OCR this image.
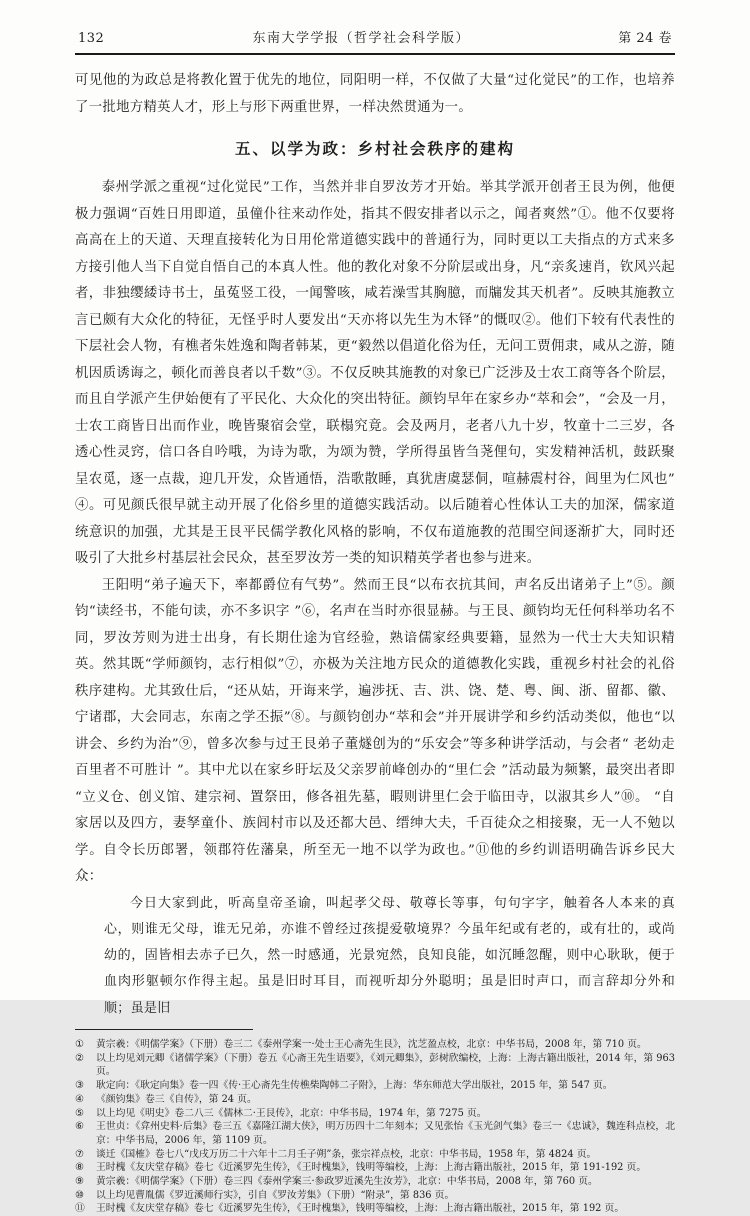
132	东南大学学报（哲学社会科学版）	第 24 卷

可见他的为政总是将教化置于优先的地位，同阳明一样，不仅做了大量“过化觉民”的工作，也培养了一批地方精英人才，形上与形下两重世界，一样决然贯通为一。

五、以学为政：乡村社会秩序的建构

泰州学派之重视“过化觉民”工作，当然并非自罗汝芳才开始。举其学派开创者王艮为例，他便极力强调“百姓日用即道，虽僮仆往来动作处，指其不假安排者以示之，闻者爽然”①。他不仅要将高高在上的天道、天理直接转化为日用伦常道德实践中的普通行为，同时更以工夫指点的方式来多方接引他人当下自觉自悟自己的本真人性。他的教化对象不分阶层或出身，凡“亲炙速肖，钦风兴起者，非独缨緌诗书士，虽菟竖工役，一闻警咳，咸若澡雪其胸臆，而牖发其天机者”。反映其施教立言已颇有大众化的特征，无怪乎时人要发出“天亦将以先生为木铎”的慨叹②。他们下较有代表性的下层社会人物，有樵者朱姓逸和陶者韩某，更“毅然以倡道化俗为任，无问工贾佣隶，咸从之游，随机因质诱诲之，顿化而善良者以千数”③。不仅反映其施教的对象已广泛涉及士农工商等各个阶层，而且自学派产生伊始便有了平民化、大众化的突出特征。颜钧早年在家乡办“萃和会”，“会及一月，士农工商皆日出而作业，晚皆聚宿会堂，联榻究竟。会及两月，老者八九十岁，牧童十二三岁，各透心性灵窍，信口各自吟哦，为诗为歌，为颂为赞，学所得虽皆刍荛俚句，实发精神活机，鼓跃聚呈农觅，逐一点裁，迎几开发，众皆通悟，浩歌散睡，真犹唐虞瑟侗，喧赫震村谷，闾里为仁风也”④。可见颜氏很早就主动开展了化俗乡里的道德实践活动。以后随着心性体认工夫的加深，儒家道统意识的加强，尤其是王艮平民儒学教化风格的影响，不仅布道施教的范围空间逐渐扩大，同时还吸引了大批乡村基层社会民众，甚至罗汝芳一类的知识精英学者也参与进来。

王阳明“弟子遍天下，率都爵位有气势”。然而王艮“以布衣抗其间，声名反出诸弟子上”⑤。颜钧“读经书，不能句读，亦不多识字 ”⑥，名声在当时亦很显赫。与王艮、颜钧均无任何科举功名不同，罗汝芳则为进士出身，有长期仕途为官经验，熟谙儒家经典要籍，显然为一代士大夫知识精英。然其既“学师颜钧，志行相似”⑦，亦极为关注地方民众的道德教化实践，重视乡村社会的礼俗秩序建构。尤其致仕后，“还从姑，开诲来学，遍涉抚、吉、洪、饶、楚、粤、闽、浙、留都、徽、宁诸郡，大会同志，东南之学丕振”⑧。与颜钧创办“萃和会”并开展讲学和乡约活动类似，他也“以讲会、乡约为治”⑨，曾多次参与过王艮弟子董燧创为的“乐安会”等多种讲学活动，与会者“ 老幼走百里者不可胜计 ”。其中尤以在家乡盱坛及父亲罗前峰创办的“里仁会 ”活动最为频繁，最突出者即“立义仓、创义馆、建宗祠、置祭田，修各祖先墓，暇则讲里仁会于临田寺，以淑其乡人”⑩。 “自家居以及四方，妻孥童仆、族闾村市以及还都大邑、缙绅大夫，千百徒众之相接聚，无一人不勉以学。自令长历郎署，领郡符佐藩臬，所至无一地不以学为政也。”⑪他的乡约训语明确告诉乡民大众：

今日大家到此，听高皇帝圣谕，叫起孝父母、敬尊长等事，句句字字，触着各人本来的真心，则谁无父母，谁无兄弟，亦谁不曾经过孩提爱敬境界？今虽年纪或有老的，或有壮的，或尚幼的，固皆相去赤子已久，然一时感通，光景宛然，良知良能，如沉睡忽醒，则中心耿耿，便于血肉形躯顿尔作得主起。虽是旧时耳目，而视听却分外聪明；虽是旧时声口，而言辞却分外和顺；虽是旧
①	黄宗羲：《明儒学案》（下册）卷三二《泰州学案一·处士王心斋先生艮》，沈芝盈点校，北京：中华书局，2008 年，第 710 页。
②	以上均见刘元卿《诸儒学案》（下册）卷五《心斋王先生语要》，《刘元卿集》，彭树欣编校，上海：上海古籍出版社，2014 年，第 963 页。
③	耿定向：《耿定向集》卷一四《传·王心斋先生传樵柴陶韩二子附》，上海：华东师范大学出版社，2015 年，第 547 页。
④	《颜钧集》卷三《自传》，第 24 页。
⑤	以上均见《明史》卷二八三《儒林二·王艮传》，北京：中华书局，1974 年，第 7275 页。
⑥	王世贞：《弇州史料·后集》卷三五《嘉隆江湖大侠》，明万历四十二年刻本；又见张怡《玉光剑气集》卷三一《忠诚》，魏连科点校，北京：中华书局，2006 年，第 1109 页。
⑦	谈迁《国榷》卷七八“戊戌万历二十六年十二月壬子朔”条，张宗祥点校，北京：中华书局，1958 年，第 4824 页。
⑧	王时槐《友庆堂存稿》卷七《近溪罗先生传》，《王时槐集》，钱明等编校，上海：上海古籍出版社，2015 年，第 191-192 页。
⑨	黄宗羲：《明儒学案》（下册）卷三四《泰州学案三·参政罗近溪先生汝芳》，北京：中华书局，2008 年，第 760 页。
⑩	以上均见曹胤儒《罗近溪师行实》，引自《罗汝芳集》（下册）“附录”，第 836 页。
⑪	王时槐《友庆堂存稿》卷七《近溪罗先生传》，《王时槐集》，钱明等编校，上海：上海古籍出版社，2015 年，第 192 页。
